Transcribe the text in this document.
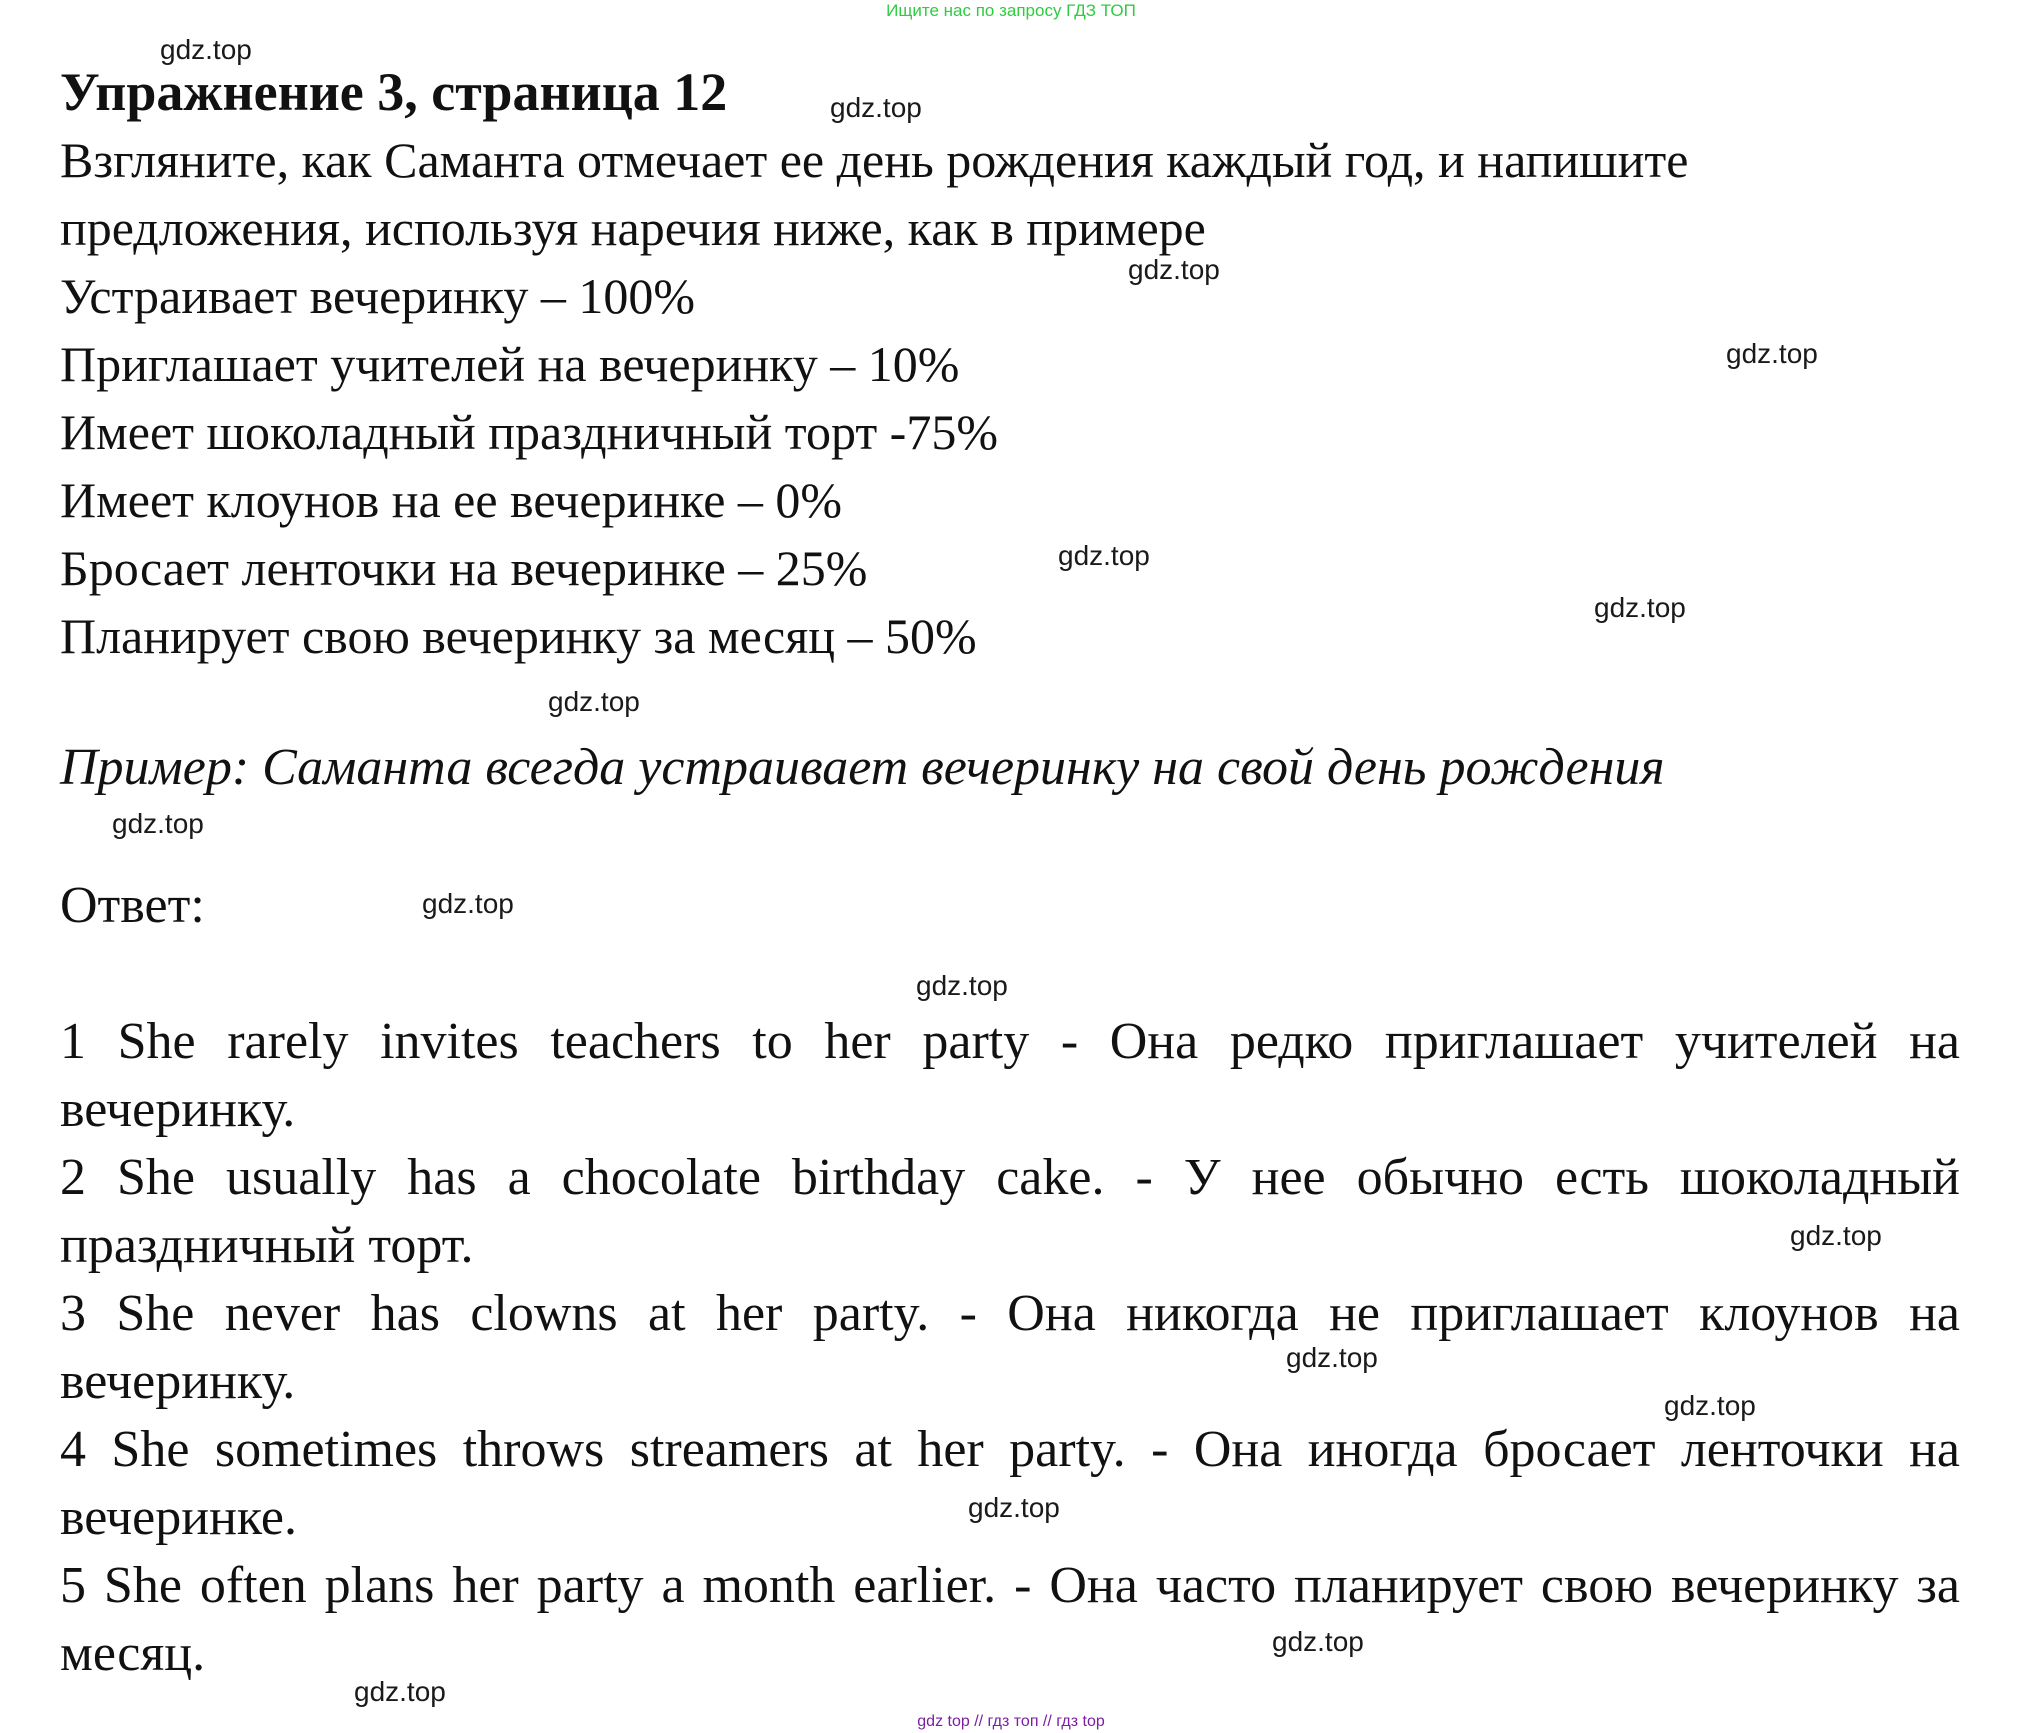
Ищите нас по запросу ГДЗ ТОП
Упражнение 3, страница 12
Взгляните, как Саманта отмечает ее день рождения каждый год, и напишите
предложения, используя наречия ниже, как в примере
Устраивает вечеринку – 100%
Приглашает учителей на вечеринку – 10%
Имеет шоколадный праздничный торт -75%
Имеет клоунов на ее вечеринке – 0%
Бросает ленточки на вечеринке – 25%
Планирует свою вечеринку за месяц – 50%
Пример: Саманта всегда устраивает вечеринку на свой день рождения
Ответ:

1 She rarely invites teachers to her party - Она редко приглашает учителей на вечеринку.

2 She usually has a chocolate birthday cake. - У нее обычно есть шоколадный праздничный торт.

3 She never has clowns at her party. - Она никогда не приглашает клоунов на вечеринку.

4 She sometimes throws streamers at her party. - Она иногда бросает ленточки на вечеринке.

5 She often plans her party a month earlier. - Она часто планирует свою вечеринку за месяц.

gdz.top
gdz.top
gdz.top
gdz.top
gdz.top
gdz.top
gdz.top
gdz.top
gdz.top
gdz.top
gdz.top
gdz.top
gdz.top
gdz.top
gdz.top
gdz.top
gdz top // гдз топ // гдз top
